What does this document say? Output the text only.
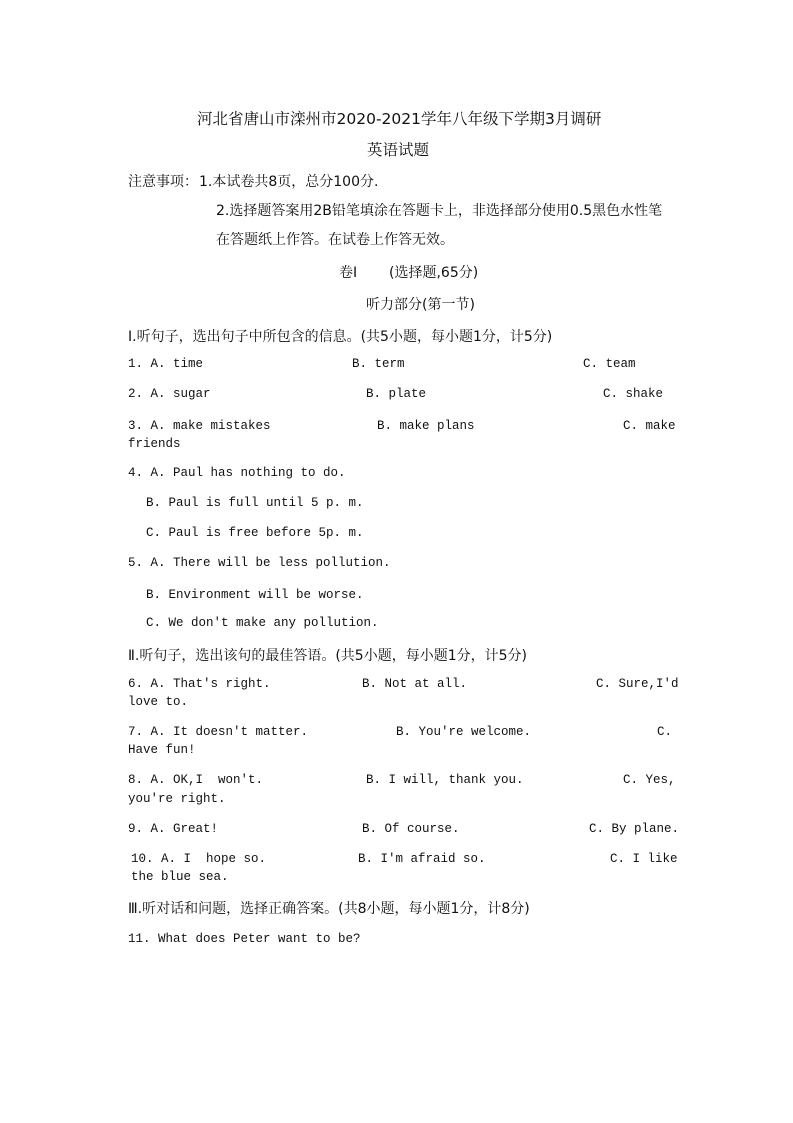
河北省唐山市滦州市2020-2021学年八年级下学期3月调研
英语试题
注意事项： 1.本试卷共8页，总分100分.
2.选择题答案用2B铅笔填涂在答题卡上，非选择部分使用0.5黑色水性笔
在答题纸上作答。在试卷上作答无效。
卷Ⅰ (选择题,65分)
听力部分(第一节)
I.听句子，选出句子中所包含的信息。(共5小题，每小题1分，计5分)
1. A. time	B. term	C. team
2. A. sugar	B. plate	C. shake
3. A. make mistakes	B. make plans	C. make
friends
4. A. Paul has nothing to do.
B. Paul is full until 5 p. m.
C. Paul is free before 5p. m.
5. A. There will be less pollution.
B. Environment will be worse.
C. We don't make any pollution.
Ⅱ.听句子，选出该句的最佳答语。(共5小题，每小题1分，计5分)
6. A. That's right.	B. Not at all.	C. Sure,I'd
love to.
7. A. It doesn't matter.	B. You're welcome.	C.
Have fun!
8. A. OK,I  won't.	B. I will, thank you.	C. Yes,
you're right.
9. A. Great!	B. Of course.	C. By plane.
10. A. I  hope so.	B. I'm afraid so.	C. I like
the blue sea.
Ⅲ.听对话和问题，选择正确答案。(共8小题，每小题1分，计8分)
11. What does Peter want to be?
